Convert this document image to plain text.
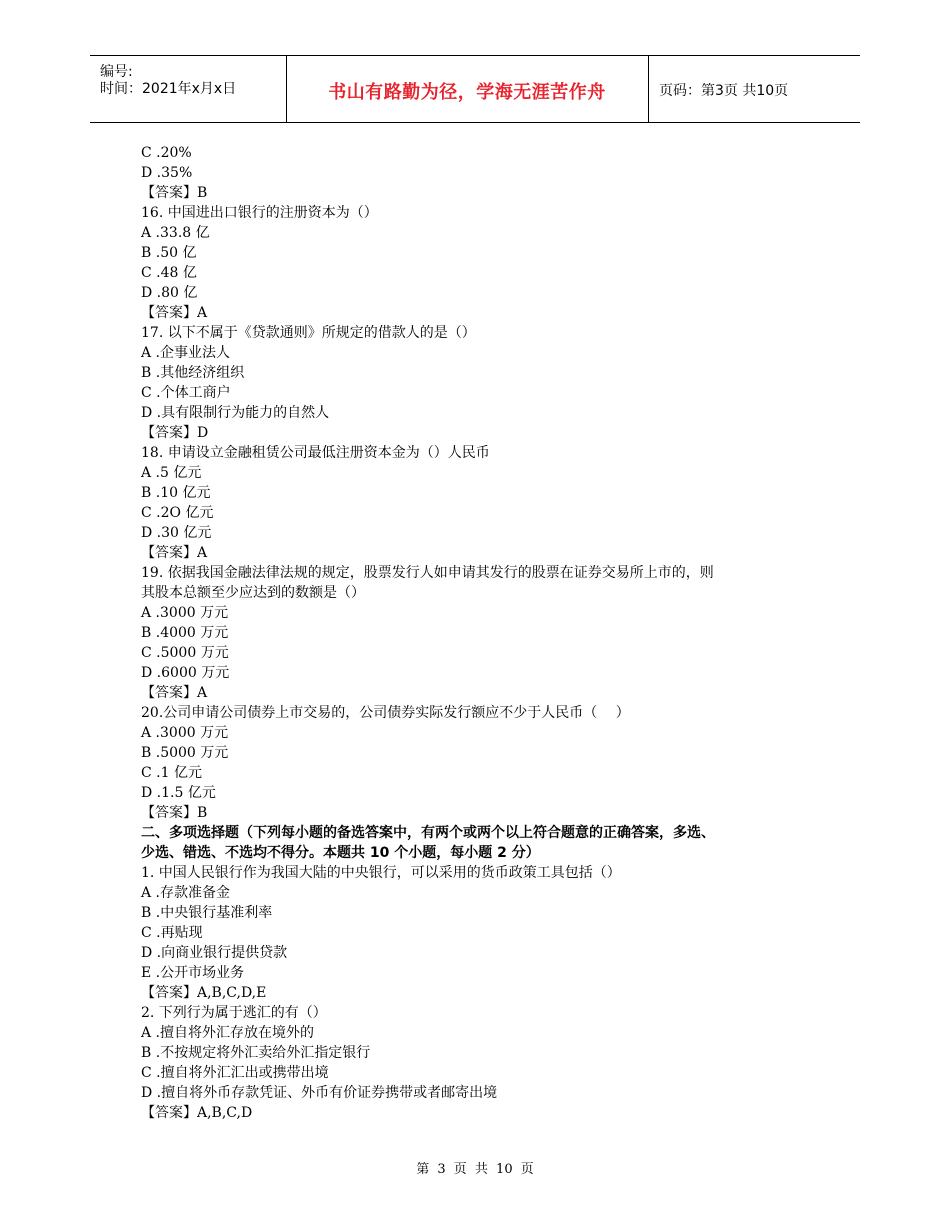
编号:
时间：2021年x月x日	书山有路勤为径，学海无涯苦作舟	页码：第3页 共10页
C .20%
D .35%
【答案】B
16. 中国进出口银行的注册资本为（）
A .33.8 亿
B .50 亿
C .48 亿
D .80 亿
【答案】A
17. 以下不属于《贷款通则》所规定的借款人的是（）
A .企事业法人
B .其他经济组织
C .个体工商户
D .具有限制行为能力的自然人
【答案】D
18. 申请设立金融租赁公司最低注册资本金为（）人民币
A .5 亿元
B .10 亿元
C .2O 亿元
D .30 亿元
【答案】A
19. 依据我国金融法律法规的规定，股票发行人如申请其发行的股票在证券交易所上市的，则
其股本总额至少应达到的数额是（）
A .3000 万元
B .4000 万元
C .5000 万元
D .6000 万元
【答案】A
20.公司申请公司债券上市交易的，公司债券实际发行额应不少于人民币（　 ）
A .3000 万元
B .5000 万元
C .1 亿元
D .1.5 亿元
【答案】B
二、多项选择题（下列每小题的备选答案中，有两个或两个以上符合题意的正确答案，多选、
少选、错选、不选均不得分。本题共 10 个小题，每小题 2 分）
1. 中国人民银行作为我国大陆的中央银行，可以采用的货币政策工具包括（）
A .存款准备金
B .中央银行基准利率
C .再贴现
D .向商业银行提供贷款
E .公开市场业务
【答案】A,B,C,D,E
2. 下列行为属于逃汇的有（）
A .擅自将外汇存放在境外的
B .不按规定将外汇卖给外汇指定银行
C .擅自将外汇汇出或携带出境
D .擅自将外币存款凭证、外币有价证券携带或者邮寄出境
【答案】A,B,C,D
第 3 页 共 10 页
